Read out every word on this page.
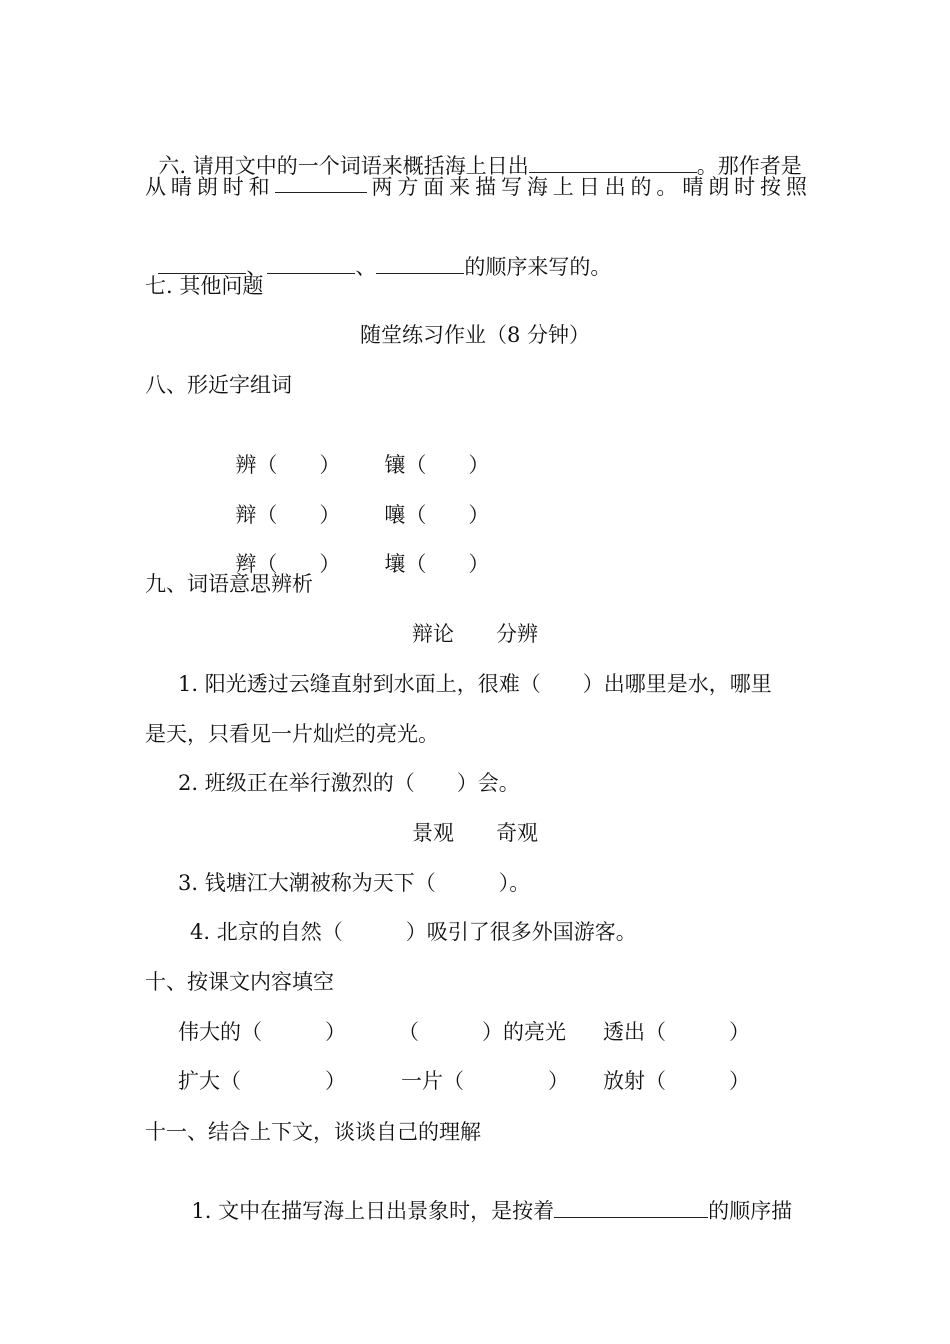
六. 请用文中的一个词语来概括海上日出	。那作者是

从 晴 朗 时 和	两 方 面 来 描 写 海 上 日 出 的 。 晴 朗 时 按 照

、	、	的顺序来写的。

七. 其他问题
随堂练习作业（8 分钟）
八、形近字组词

辨（　　） 镶（　　）

辩（　　） 嚷（　　）

辫（　　） 壤（　　）

九、词语意思辨析
辩论　　分辨
1. 阳光透过云缝直射到水面上，很难（　　）出哪里是水，哪里
是天，只看见一片灿烂的亮光。
2. 班级正在举行激烈的（　　）会。
景观　　奇观
3. 钱塘江大潮被称为天下（　　　）。
4. 北京的自然（　　　）吸引了很多外国游客。
十、按课文内容填空
伟大的（　　　） （　　　）的亮光 透出（　　　）
扩大（　　　　）	一片（　　　　） 放射（　　　）
十一、结合上下文，谈谈自己的理解

1. 文中在描写海上日出景象时，是按着	的顺序描
